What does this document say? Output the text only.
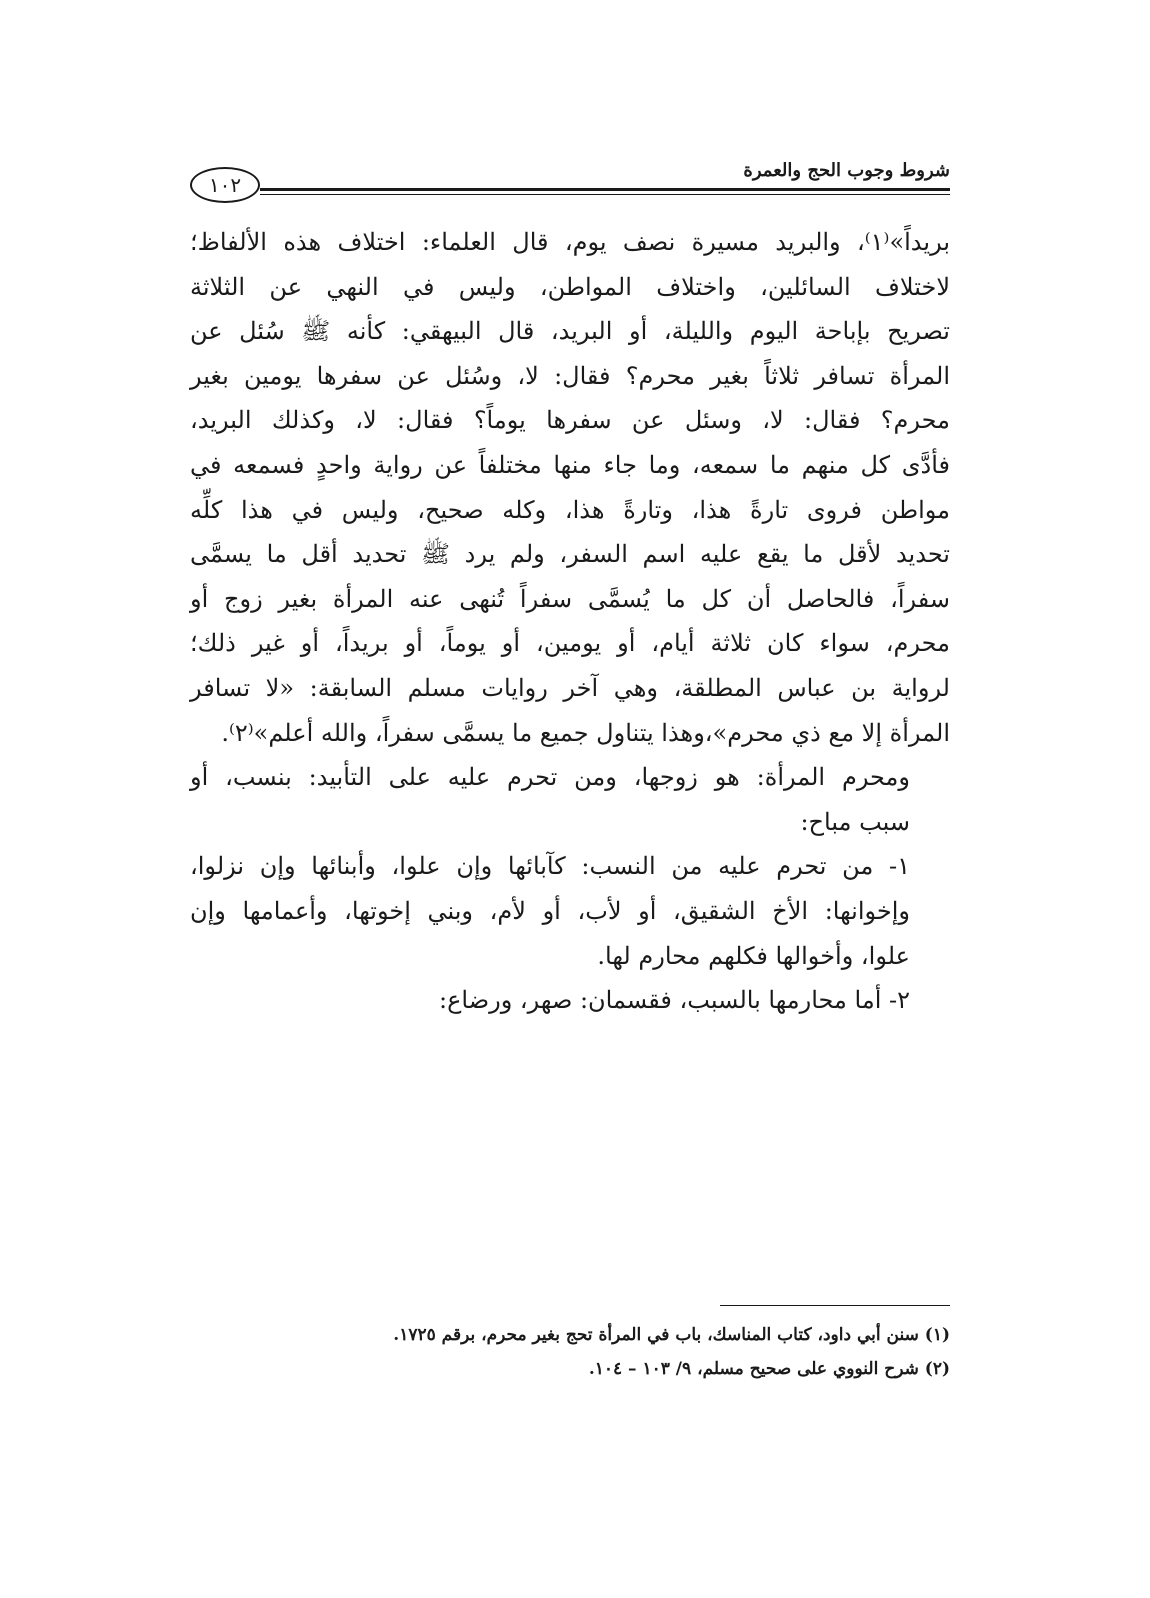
شروط وجوب الحج والعمرة
١٠٢
بريداً»⁽١⁾، والبريد مسيرة نصف يوم، قال العلماء: اختلاف هذه الألفاظ؛
لاختلاف السائلين، واختلاف المواطن، وليس في النهي عن الثلاثة
تصريح بإباحة اليوم والليلة، أو البريد، قال البيهقي: كأنه ﷺ سُئل عن
المرأة تسافر ثلاثاً بغير محرم؟ فقال: لا، وسُئل عن سفرها يومين بغير
محرم؟ فقال: لا، وسئل عن سفرها يوماً؟ فقال: لا، وكذلك البريد،
فأدَّى كل منهم ما سمعه، وما جاء منها مختلفاً عن رواية واحدٍ فسمعه في
مواطن فروى تارةً هذا، وتارةً هذا، وكله صحيح، وليس في هذا كلِّه
تحديد لأقل ما يقع عليه اسم السفر، ولم يرد ﷺ تحديد أقل ما يسمَّى
سفراً، فالحاصل أن كل ما يُسمَّى سفراً تُنهى عنه المرأة بغير زوج أو
محرم، سواء كان ثلاثة أيام، أو يومين، أو يوماً، أو بريداً، أو غير ذلك؛
لرواية بن عباس المطلقة، وهي آخر روايات مسلم السابقة: «لا تسافر
المرأة إلا مع ذي محرم»،وهذا يتناول جميع ما يسمَّى سفراً، والله أعلم»⁽٢⁾.
ومحرم المرأة: هو زوجها، ومن تحرم عليه على التأبيد: بنسب، أو
سبب مباح:
١- من تحرم عليه من النسب: كآبائها وإن علوا، وأبنائها وإن نزلوا،
وإخوانها: الأخ الشقيق، أو لأب، أو لأم، وبني إخوتها، وأعمامها وإن
علوا، وأخوالها فكلهم محارم لها.

٢- أما محارمها بالسبب، فقسمان: صهر، ورضاع:

(١) سنن أبي داود، كتاب المناسك، باب في المرأة تحج بغير محرم، برقم ١٧٢٥.

(٢) شرح النووي على صحيح مسلم، ٩/ ١٠٣ – ١٠٤.
